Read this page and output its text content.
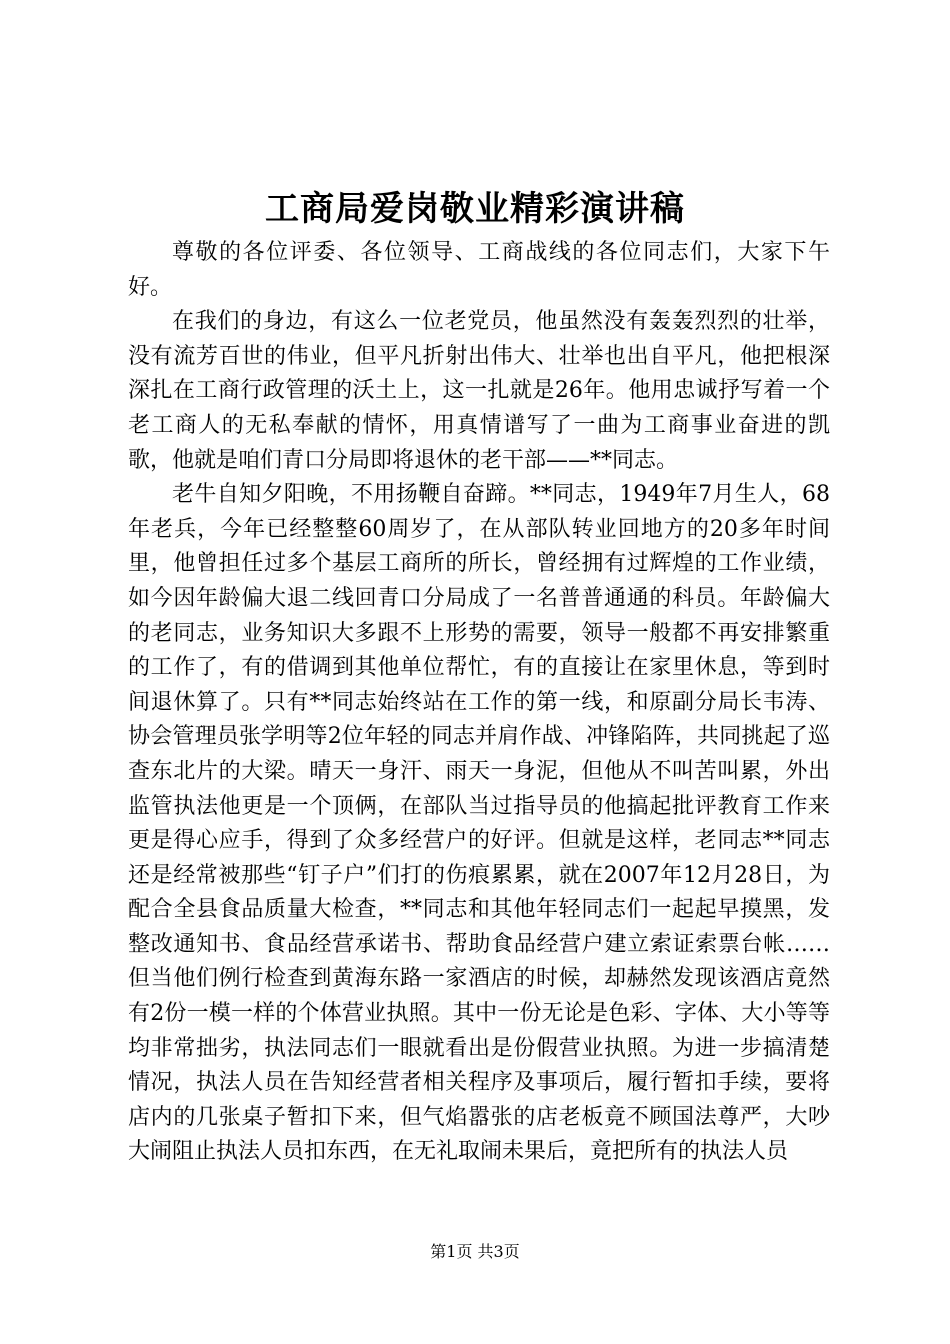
工商局爱岗敬业精彩演讲稿

尊敬的各位评委、各位领导、工商战线的各位同志们，大家下午好。

在我们的身边，有这么一位老党员，他虽然没有轰轰烈烈的壮举，没有流芳百世的伟业，但平凡折射出伟大、壮举也出自平凡，他把根深深扎在工商行政管理的沃土上，这一扎就是26年。他用忠诚抒写着一个老工商人的无私奉献的情怀，用真情谱写了一曲为工商事业奋进的凯歌，他就是咱们青口分局即将退休的老干部——**同志。

老牛自知夕阳晚，不用扬鞭自奋蹄。**同志，1949年7月生人，68年老兵，今年已经整整60周岁了，在从部队转业回地方的20多年时间里，他曾担任过多个基层工商所的所长，曾经拥有过辉煌的工作业绩，如今因年龄偏大退二线回青口分局成了一名普普通通的科员。年龄偏大的老同志，业务知识大多跟不上形势的需要，领导一般都不再安排繁重的工作了，有的借调到其他单位帮忙，有的直接让在家里休息，等到时间退休算了。只有**同志始终站在工作的第一线，和原副分局长韦涛、协会管理员张学明等2位年轻的同志并肩作战、冲锋陷阵，共同挑起了巡查东北片的大梁。晴天一身汗、雨天一身泥，但他从不叫苦叫累，外出监管执法他更是一个顶俩，在部队当过指导员的他搞起批评教育工作来更是得心应手，得到了众多经营户的好评。但就是这样，老同志**同志还是经常被那些“钉子户”们打的伤痕累累，就在2007年12月28日，为配合全县食品质量大检查，**同志和其他年轻同志们一起起早摸黑，发整改通知书、食品经营承诺书、帮助食品经营户建立索证索票台帐……但当他们例行检查到黄海东路一家酒店的时候，却赫然发现该酒店竟然有2份一模一样的个体营业执照。其中一份无论是色彩、字体、大小等等均非常拙劣，执法同志们一眼就看出是份假营业执照。为进一步搞清楚情况，执法人员在告知经营者相关程序及事项后，履行暂扣手续，要将店内的几张桌子暂扣下来，但气焰嚣张的店老板竟不顾国法尊严，大吵大闹阻止执法人员扣东西，在无礼取闹未果后，竟把所有的执法人员

第1页 共3页
